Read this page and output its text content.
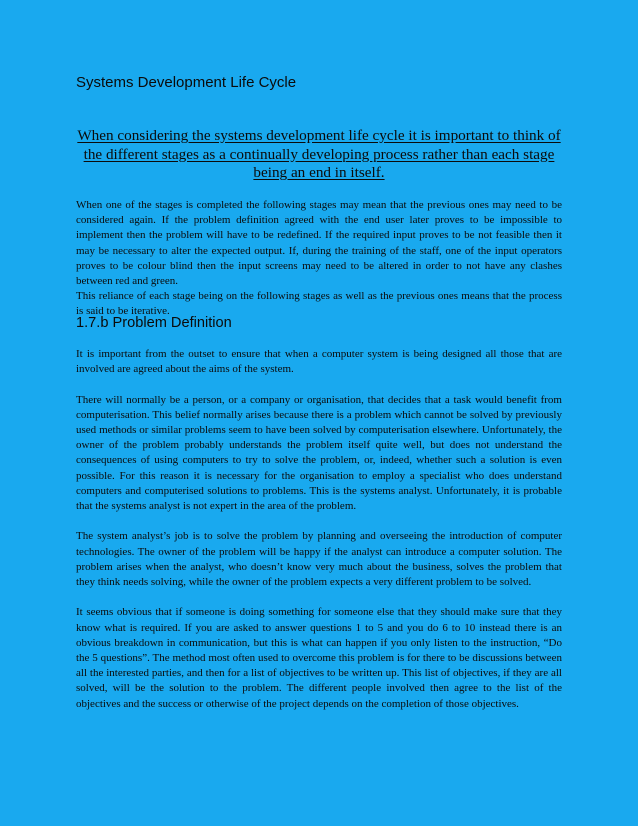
Systems Development Life Cycle

When considering the systems development life cycle it is important to think of the different stages as a continually developing process rather than each stage being an end in itself.

When one of the stages is completed the following stages may mean that the previous ones may need to be considered again. If the problem definition agreed with the end user later proves to be impossible to implement then the problem will have to be redefined. If the required input proves to be not feasible then it may be necessary to alter the expected output. If, during the training of the staff, one of the input operators proves to be colour blind then the input screens may need to be altered in order to not have any clashes between red and green.

This reliance of each stage being on the following stages as well as the previous ones means that the process is said to be iterative.

1.7.b Problem Definition

It is important from the outset to ensure that when a computer system is being designed all those that are involved are agreed about the aims of the system.

There will normally be a person, or a company or organisation, that decides that a task would benefit from computerisation. This belief normally arises because there is a problem which cannot be solved by previously used methods or similar problems seem to have been solved by computerisation elsewhere. Unfortunately, the owner of the problem probably understands the problem itself quite well, but does not understand the consequences of using computers to try to solve the problem, or, indeed, whether such a solution is even possible. For this reason it is necessary for the organisation to employ a specialist who does understand computers and computerised solutions to problems. This is the systems analyst. Unfortunately, it is probable that the systems analyst is not expert in the area of the problem.

The system analyst’s job is to solve the problem by planning and overseeing the introduction of computer technologies. The owner of the problem will be happy if the analyst can introduce a computer solution. The problem arises when the analyst, who doesn’t know very much about the business, solves the problem that they think needs solving, while the owner of the problem expects a very different problem to be solved.

It seems obvious that if someone is doing something for someone else that they should make sure that they know what is required. If you are asked to answer questions 1 to 5 and you do 6 to 10 instead there is an obvious breakdown in communication, but this is what can happen if you only listen to the instruction, “Do the 5 questions”. The method most often used to overcome this problem is for there to be discussions between all the interested parties, and then for a list of objectives to be written up. This list of objectives, if they are all solved, will be the solution to the problem. The different people involved then agree to the list of the objectives and the success or otherwise of the project depends on the completion of those objectives.
